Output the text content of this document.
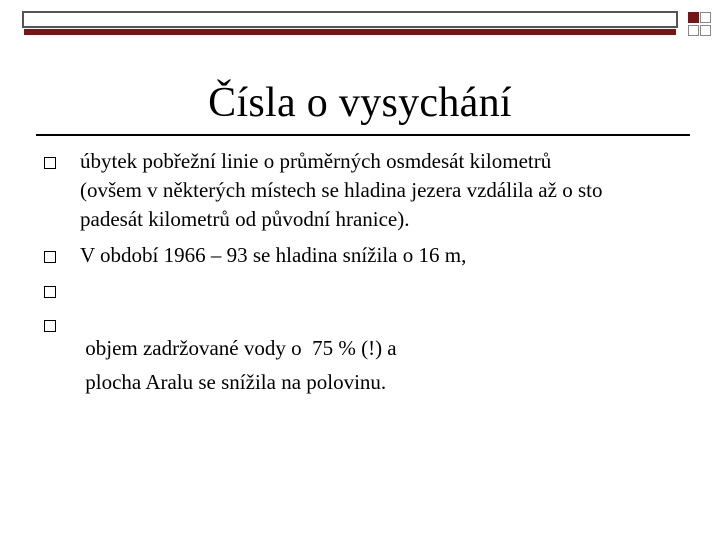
Čísla o vysychání
úbytek pobřežní linie o průměrných osmdesát kilometrů
(ovšem v některých místech se hladina jezera vzdálila až o sto
padesát kilometrů od původní hranice).
V období 1966 – 93 se hladina snížila o 16 m,

objem zadržované vody o  75 % (!) a

plocha Aralu se snížila na polovinu.
